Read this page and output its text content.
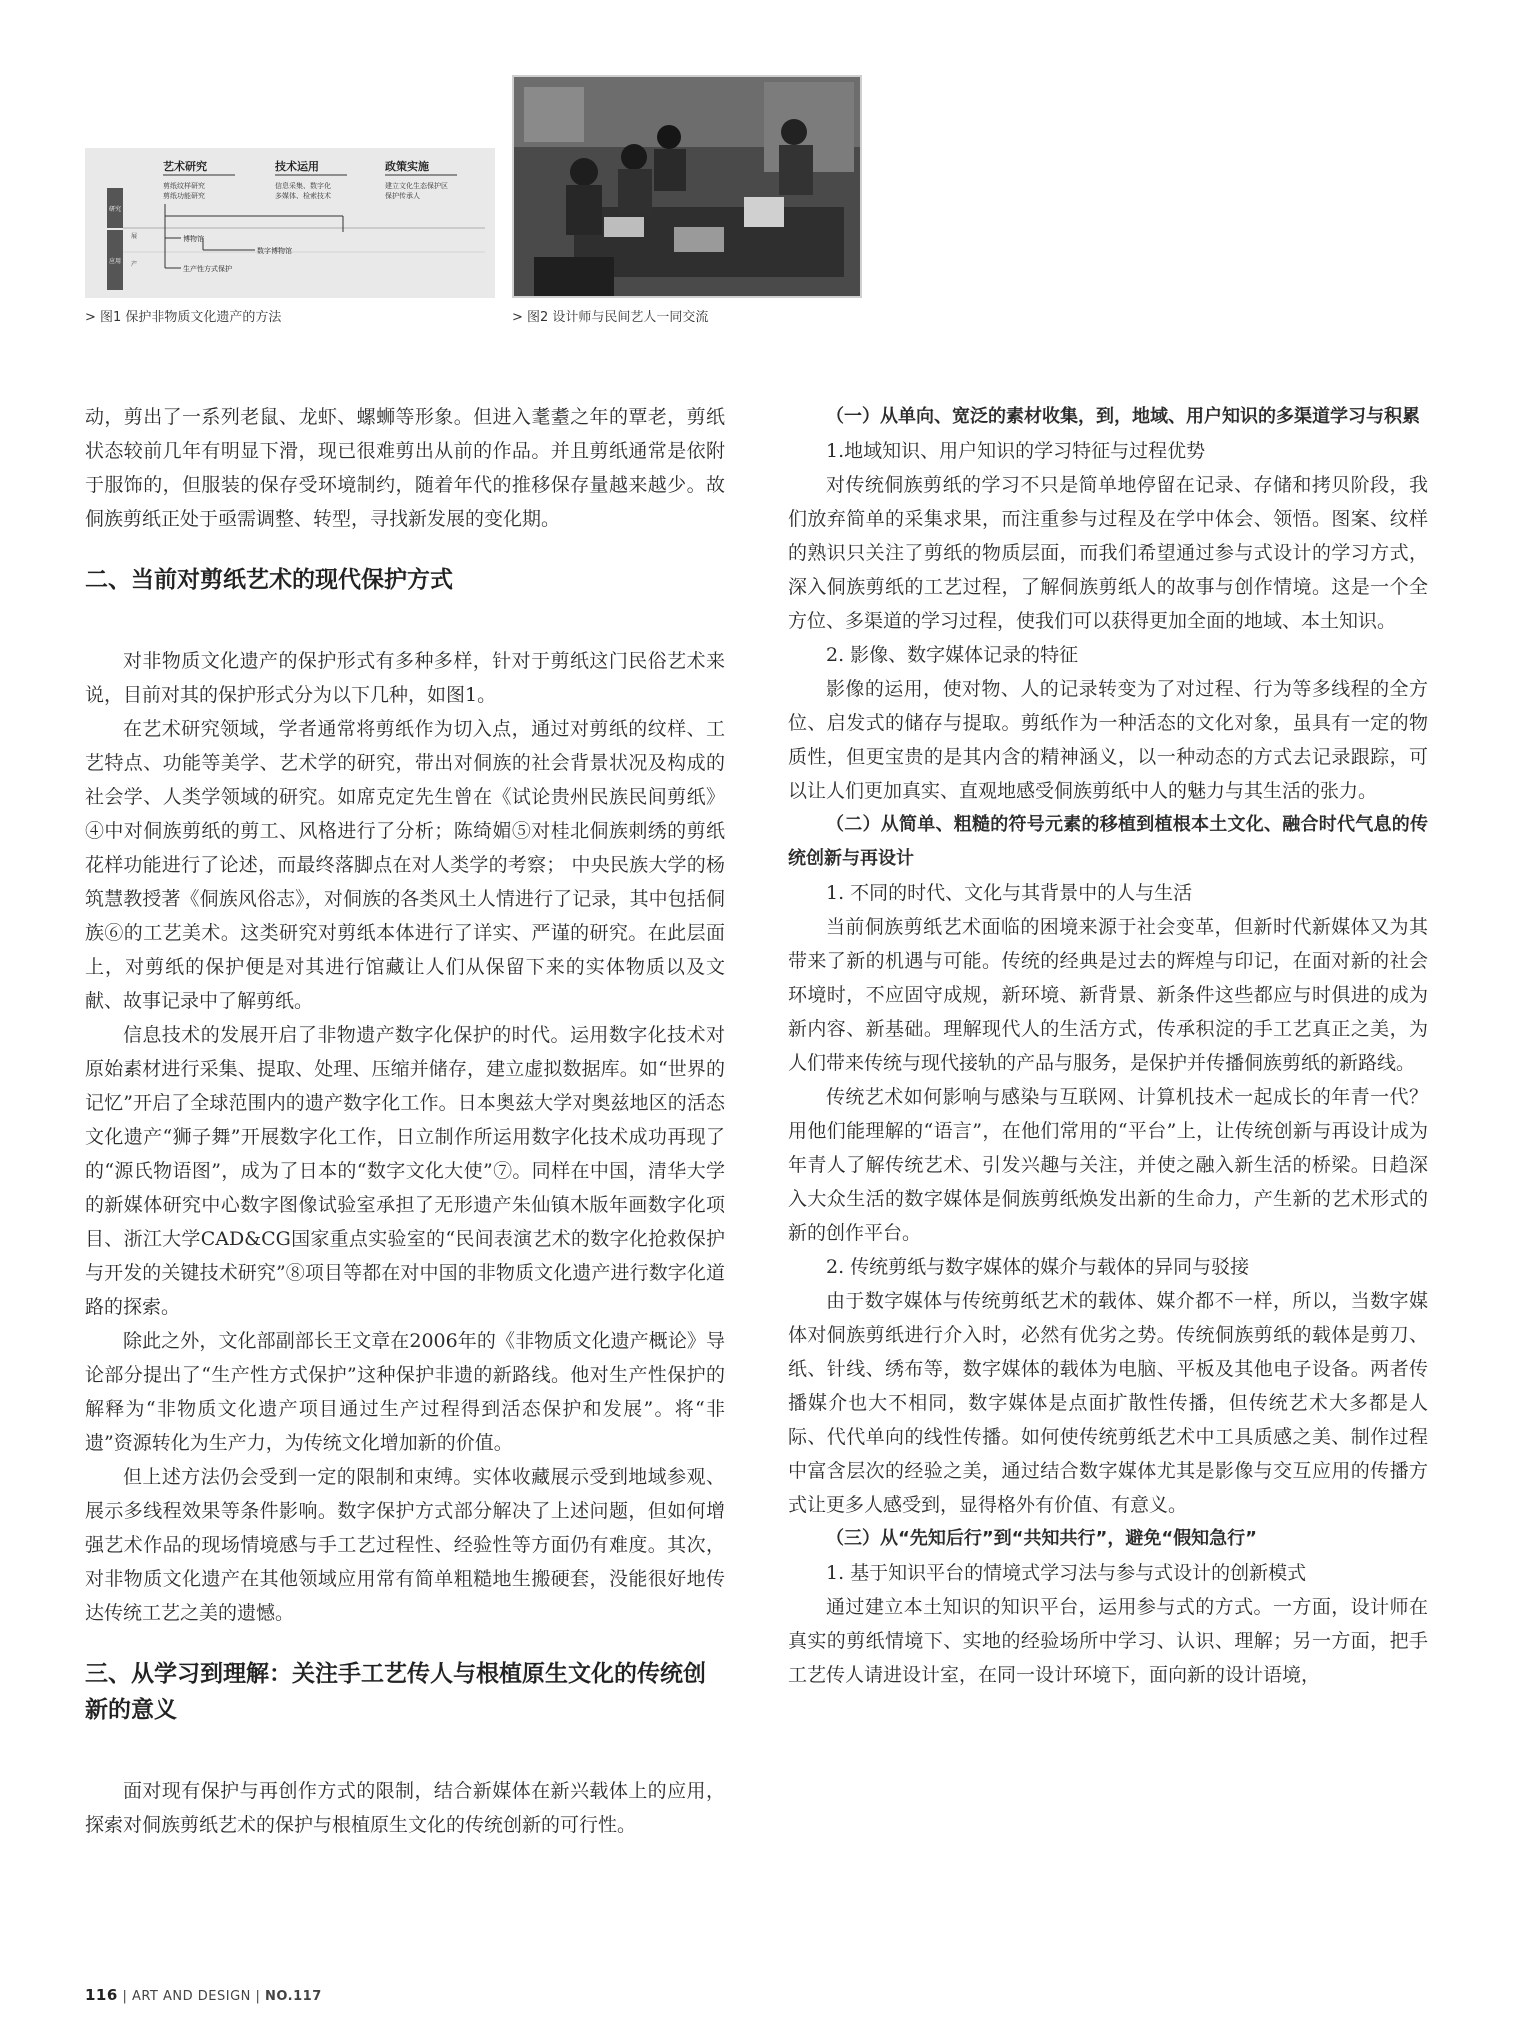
研究
应用
展
产
艺术研究	技术运用	政策实施
剪纸纹样研究
剪纸功能研究
信息采集、数字化
多媒体、检索技术
建立文化生态保护区
保护传承人
博物馆
数字博物馆
生产性方式保护
> 图1 保护非物质文化遗产的方法	> 图2 设计师与民间艺人一同交流

动，剪出了一系列老鼠、龙虾、螺蛳等形象。但进入耄耋之年的覃老，剪纸状态较前几年有明显下滑，现已很难剪出从前的作品。并且剪纸通常是依附于服饰的，但服装的保存受环境制约，随着年代的推移保存量越来越少。故侗族剪纸正处于亟需调整、转型，寻找新发展的变化期。

二、当前对剪纸艺术的现代保护方式

对非物质文化遗产的保护形式有多种多样，针对于剪纸这门民俗艺术来说，目前对其的保护形式分为以下几种，如图1。

在艺术研究领域，学者通常将剪纸作为切入点，通过对剪纸的纹样、工艺特点、功能等美学、艺术学的研究，带出对侗族的社会背景状况及构成的社会学、人类学领域的研究。如席克定先生曾在《试论贵州民族民间剪纸》④中对侗族剪纸的剪工、风格进行了分析；陈绮媚⑤对桂北侗族刺绣的剪纸花样功能进行了论述，而最终落脚点在对人类学的考察； 中央民族大学的杨筑慧教授著《侗族风俗志》，对侗族的各类风土人情进行了记录，其中包括侗族⑥的工艺美术。这类研究对剪纸本体进行了详实、严谨的研究。在此层面上，对剪纸的保护便是对其进行馆藏让人们从保留下来的实体物质以及文献、故事记录中了解剪纸。

信息技术的发展开启了非物遗产数字化保护的时代。运用数字化技术对原始素材进行采集、提取、处理、压缩并储存，建立虚拟数据库。如“世界的记忆”开启了全球范围内的遗产数字化工作。日本奥兹大学对奥兹地区的活态文化遗产“狮子舞”开展数字化工作，日立制作所运用数字化技术成功再现了的“源氏物语图”，成为了日本的“数字文化大使”⑦。同样在中国，清华大学的新媒体研究中心数字图像试验室承担了无形遗产朱仙镇木版年画数字化项目、浙江大学CAD&CG国家重点实验室的“民间表演艺术的数字化抢救保护与开发的关键技术研究”⑧项目等都在对中国的非物质文化遗产进行数字化道路的探索。

除此之外，文化部副部长王文章在2006年的《非物质文化遗产概论》导论部分提出了“生产性方式保护”这种保护非遗的新路线。他对生产性保护的解释为“非物质文化遗产项目通过生产过程得到活态保护和发展”。将“非遗”资源转化为生产力，为传统文化增加新的价值。

但上述方法仍会受到一定的限制和束缚。实体收藏展示受到地域参观、展示多线程效果等条件影响。数字保护方式部分解决了上述问题，但如何增强艺术作品的现场情境感与手工艺过程性、经验性等方面仍有难度。其次，对非物质文化遗产在其他领域应用常有简单粗糙地生搬硬套，没能很好地传达传统工艺之美的遗憾。

三、从学习到理解：关注手工艺传人与根植原生文化的传统创新的意义

面对现有保护与再创作方式的限制，结合新媒体在新兴载体上的应用，探索对侗族剪纸艺术的保护与根植原生文化的传统创新的可行性。

（一）从单向、宽泛的素材收集，到，地域、用户知识的多渠道学习与积累

1.地域知识、用户知识的学习特征与过程优势

对传统侗族剪纸的学习不只是简单地停留在记录、存储和拷贝阶段，我们放弃简单的采集求果，而注重参与过程及在学中体会、领悟。图案、纹样的熟识只关注了剪纸的物质层面，而我们希望通过参与式设计的学习方式，深入侗族剪纸的工艺过程，了解侗族剪纸人的故事与创作情境。这是一个全方位、多渠道的学习过程，使我们可以获得更加全面的地域、本土知识。

2. 影像、数字媒体记录的特征

影像的运用，使对物、人的记录转变为了对过程、行为等多线程的全方位、启发式的储存与提取。剪纸作为一种活态的文化对象，虽具有一定的物质性，但更宝贵的是其内含的精神涵义，以一种动态的方式去记录跟踪，可以让人们更加真实、直观地感受侗族剪纸中人的魅力与其生活的张力。

（二）从简单、粗糙的符号元素的移植到植根本土文化、融合时代气息的传统创新与再设计

1. 不同的时代、文化与其背景中的人与生活

当前侗族剪纸艺术面临的困境来源于社会变革，但新时代新媒体又为其带来了新的机遇与可能。传统的经典是过去的辉煌与印记，在面对新的社会环境时，不应固守成规，新环境、新背景、新条件这些都应与时俱进的成为新内容、新基础。理解现代人的生活方式，传承积淀的手工艺真正之美，为人们带来传统与现代接轨的产品与服务，是保护并传播侗族剪纸的新路线。

传统艺术如何影响与感染与互联网、计算机技术一起成长的年青一代？用他们能理解的“语言”，在他们常用的“平台”上，让传统创新与再设计成为年青人了解传统艺术、引发兴趣与关注，并使之融入新生活的桥梁。日趋深入大众生活的数字媒体是侗族剪纸焕发出新的生命力，产生新的艺术形式的新的创作平台。

2. 传统剪纸与数字媒体的媒介与载体的异同与驳接

由于数字媒体与传统剪纸艺术的载体、媒介都不一样，所以，当数字媒体对侗族剪纸进行介入时，必然有优劣之势。传统侗族剪纸的载体是剪刀、纸、针线、绣布等，数字媒体的载体为电脑、平板及其他电子设备。两者传播媒介也大不相同，数字媒体是点面扩散性传播，但传统艺术大多都是人际、代代单向的线性传播。如何使传统剪纸艺术中工具质感之美、制作过程中富含层次的经验之美，通过结合数字媒体尤其是影像与交互应用的传播方式让更多人感受到，显得格外有价值、有意义。

（三）从“先知后行”到“共知共行”，避免“假知急行”

1. 基于知识平台的情境式学习法与参与式设计的创新模式

通过建立本土知识的知识平台，运用参与式的方式。一方面，设计师在真实的剪纸情境下、实地的经验场所中学习、认识、理解；另一方面，把手工艺传人请进设计室，在同一设计环境下，面向新的设计语境，

116 | ART AND DESIGN | NO.117
